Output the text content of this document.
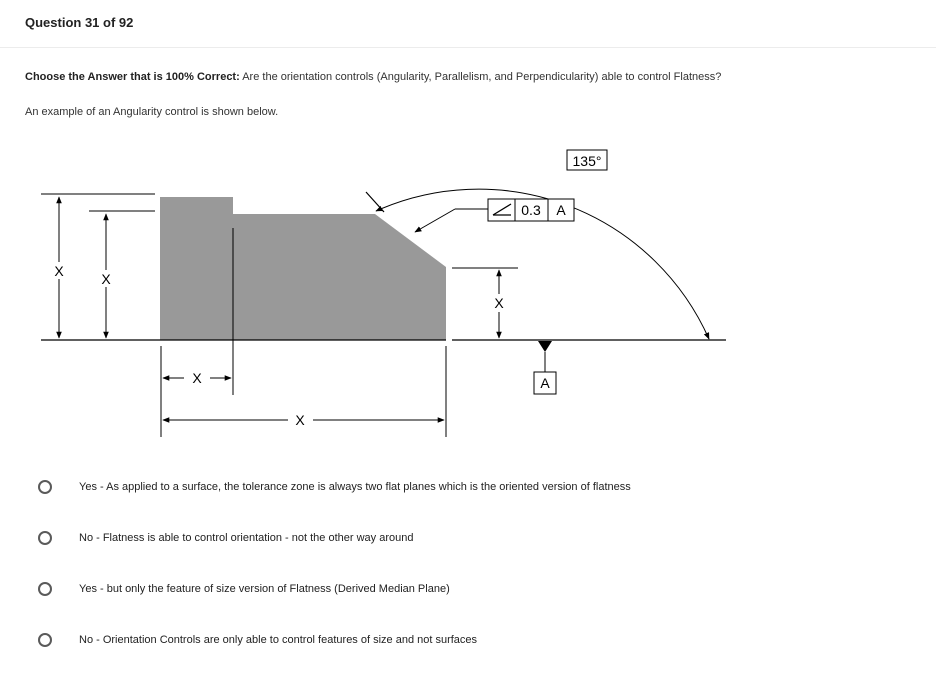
Question 31 of 92
Choose the Answer that is 100% Correct: Are the orientation controls (Angularity, Parallelism, and Perpendicularity) able to control Flatness?
An example of an Angularity control is shown below.
X	X
X
X
X
135°
0.3 A
A
Yes - As applied to a surface, the tolerance zone is always two flat planes which is the oriented version of flatness
No - Flatness is able to control orientation - not the other way around
Yes - but only the feature of size version of Flatness (Derived Median Plane)
No - Orientation Controls are only able to control features of size and not surfaces
